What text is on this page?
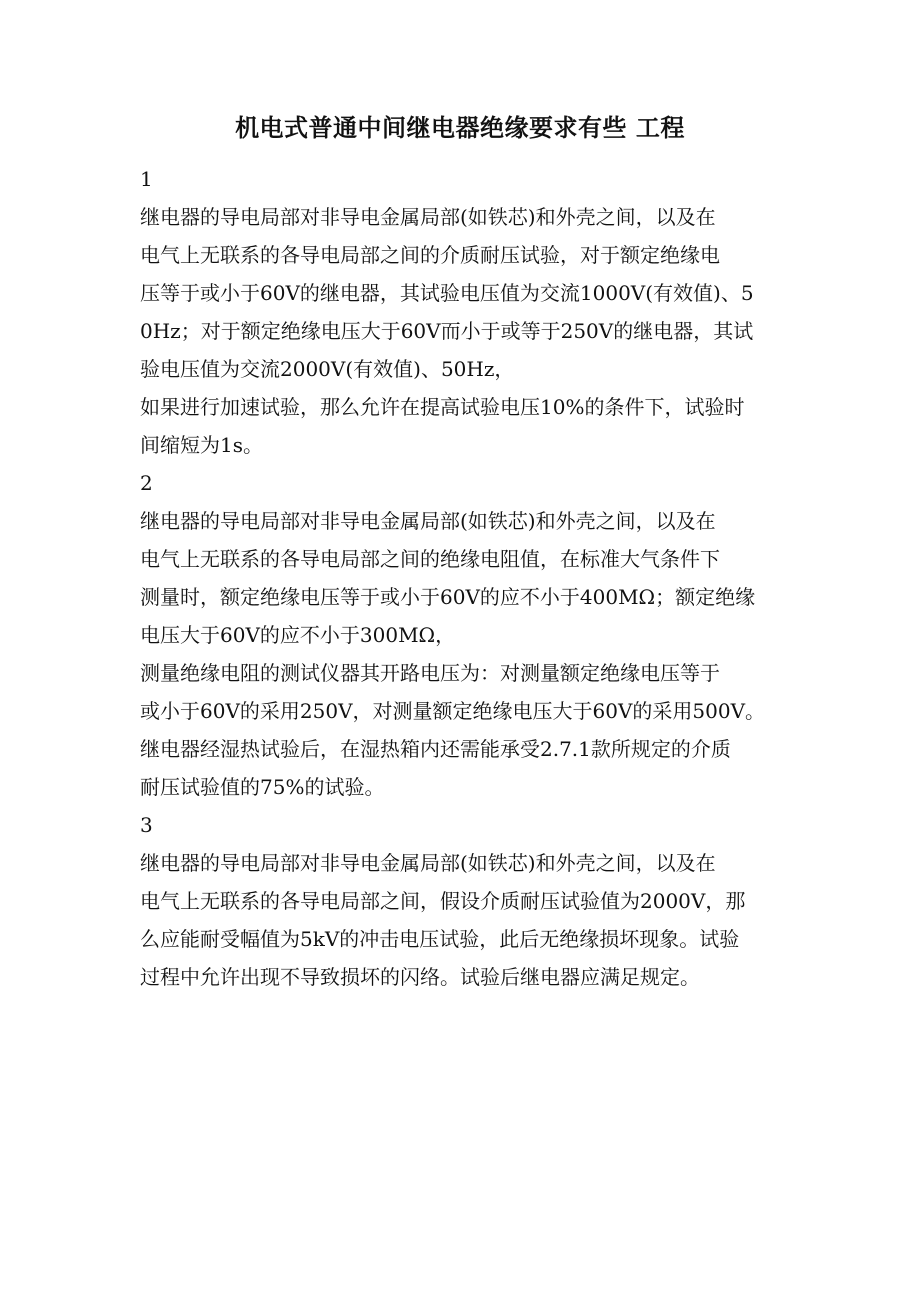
机电式普通中间继电器绝缘要求有些 工程
1
继电器的导电局部对非导电金属局部(如铁芯)和外壳之间，以及在
电气上无联系的各导电局部之间的介质耐压试验，对于额定绝缘电
压等于或小于60V的继电器，其试验电压值为交流1000V(有效值)、5
0Hz；对于额定绝缘电压大于60V而小于或等于250V的继电器，其试
验电压值为交流2000V(有效值)、50Hz，
如果进行加速试验，那么允许在提高试验电压10%的条件下，试验时
间缩短为1s。
2
继电器的导电局部对非导电金属局部(如铁芯)和外壳之间，以及在
电气上无联系的各导电局部之间的绝缘电阻值，在标准大气条件下
测量时，额定绝缘电压等于或小于60V的应不小于400MΩ；额定绝缘
电压大于60V的应不小于300MΩ，
测量绝缘电阻的测试仪器其开路电压为：对测量额定绝缘电压等于
或小于60V的采用250V，对测量额定绝缘电压大于60V的采用500V。
继电器经湿热试验后，在湿热箱内还需能承受2.7.1款所规定的介质
耐压试验值的75%的试验。
3
继电器的导电局部对非导电金属局部(如铁芯)和外壳之间，以及在
电气上无联系的各导电局部之间，假设介质耐压试验值为2000V，那
么应能耐受幅值为5kV的冲击电压试验，此后无绝缘损坏现象。试验
过程中允许出现不导致损坏的闪络。试验后继电器应满足规定。
